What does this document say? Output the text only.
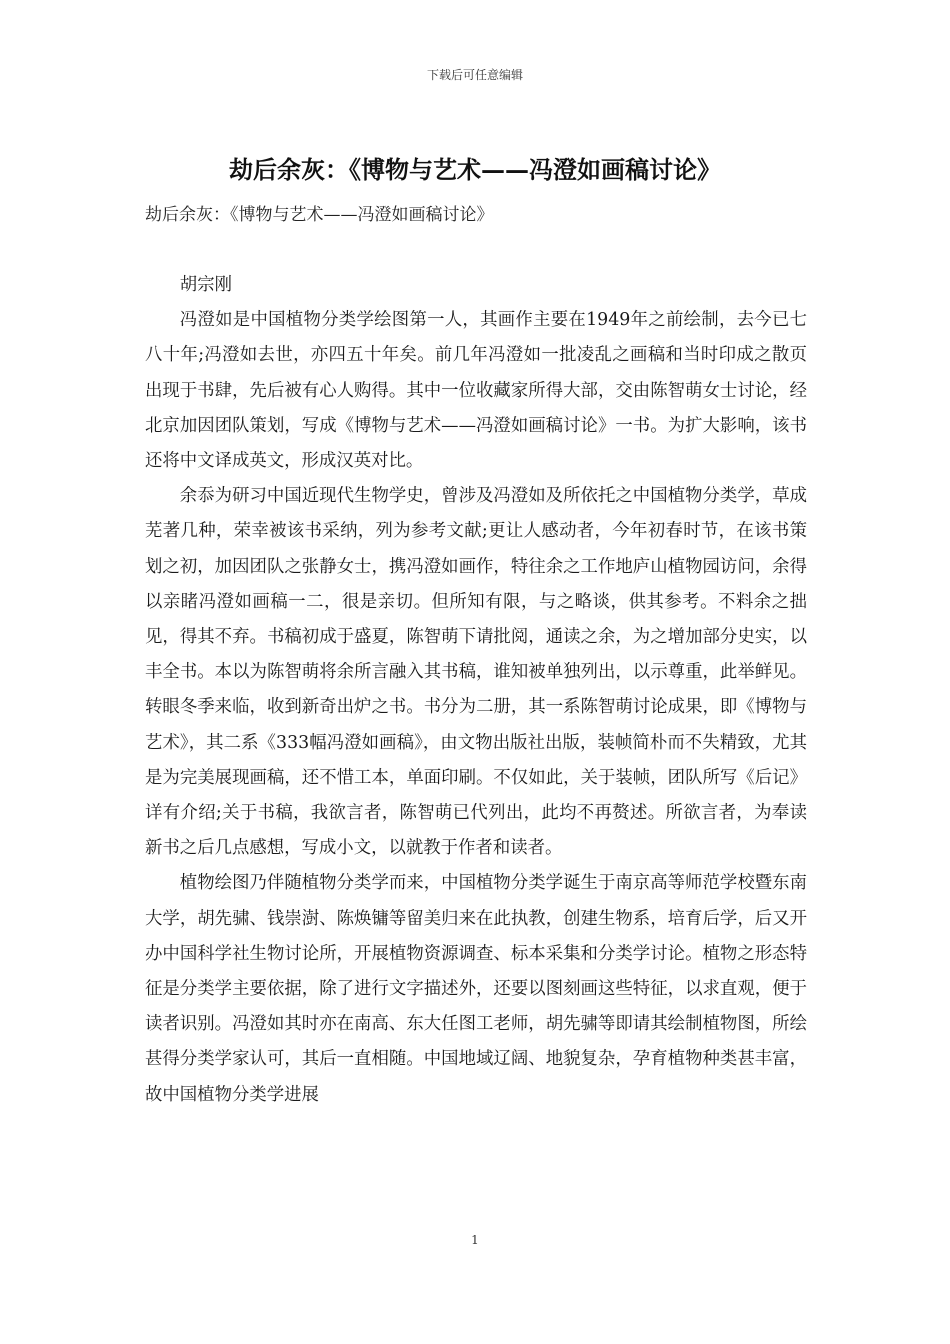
下载后可任意编辑
劫后余灰：《博物与艺术——冯澄如画稿讨论》
劫后余灰：《博物与艺术——冯澄如画稿讨论》

胡宗刚

冯澄如是中国植物分类学绘图第一人，其画作主要在1949年之前绘制，去今已七八十年;冯澄如去世，亦四五十年矣。前几年冯澄如一批凌乱之画稿和当时印成之散页出现于书肆，先后被有心人购得。其中一位收藏家所得大部，交由陈智萌女士讨论，经北京加因团队策划，写成《博物与艺术——冯澄如画稿讨论》一书。为扩大影响，该书还将中文译成英文，形成汉英对比。

余忝为研习中国近现代生物学史，曾涉及冯澄如及所依托之中国植物分类学，草成芜著几种，荣幸被该书采纳，列为参考文献;更让人感动者，今年初春时节，在该书策划之初，加因团队之张静女士，携冯澄如画作，特往余之工作地庐山植物园访问，余得以亲睹冯澄如画稿一二，很是亲切。但所知有限，与之略谈，供其参考。不料余之拙见，得其不弃。书稿初成于盛夏，陈智萌下请批阅，通读之余，为之增加部分史实，以丰全书。本以为陈智萌将余所言融入其书稿，谁知被单独列出，以示尊重，此举鲜见。转眼冬季来临，收到新奇出炉之书。书分为二册，其一系陈智萌讨论成果，即《博物与艺术》，其二系《333幅冯澄如画稿》，由文物出版社出版，装帧简朴而不失精致，尤其是为完美展现画稿，还不惜工本，单面印刷。不仅如此，关于装帧，团队所写《后记》详有介绍;关于书稿，我欲言者，陈智萌已代列出，此均不再赘述。所欲言者，为奉读新书之后几点感想，写成小文，以就教于作者和读者。

植物绘图乃伴随植物分类学而来，中国植物分类学诞生于南京高等师范学校暨东南大学，胡先骕、钱崇澍、陈焕镛等留美归来在此执教，创建生物系，培育后学，后又开办中国科学社生物讨论所，开展植物资源调查、标本采集和分类学讨论。植物之形态特征是分类学主要依据，除了进行文字描述外，还要以图刻画这些特征，以求直观，便于读者识别。冯澄如其时亦在南高、东大任图工老师，胡先骕等即请其绘制植物图，所绘甚得分类学家认可，其后一直相随。中国地域辽阔、地貌复杂，孕育植物种类甚丰富，故中国植物分类学进展

1
